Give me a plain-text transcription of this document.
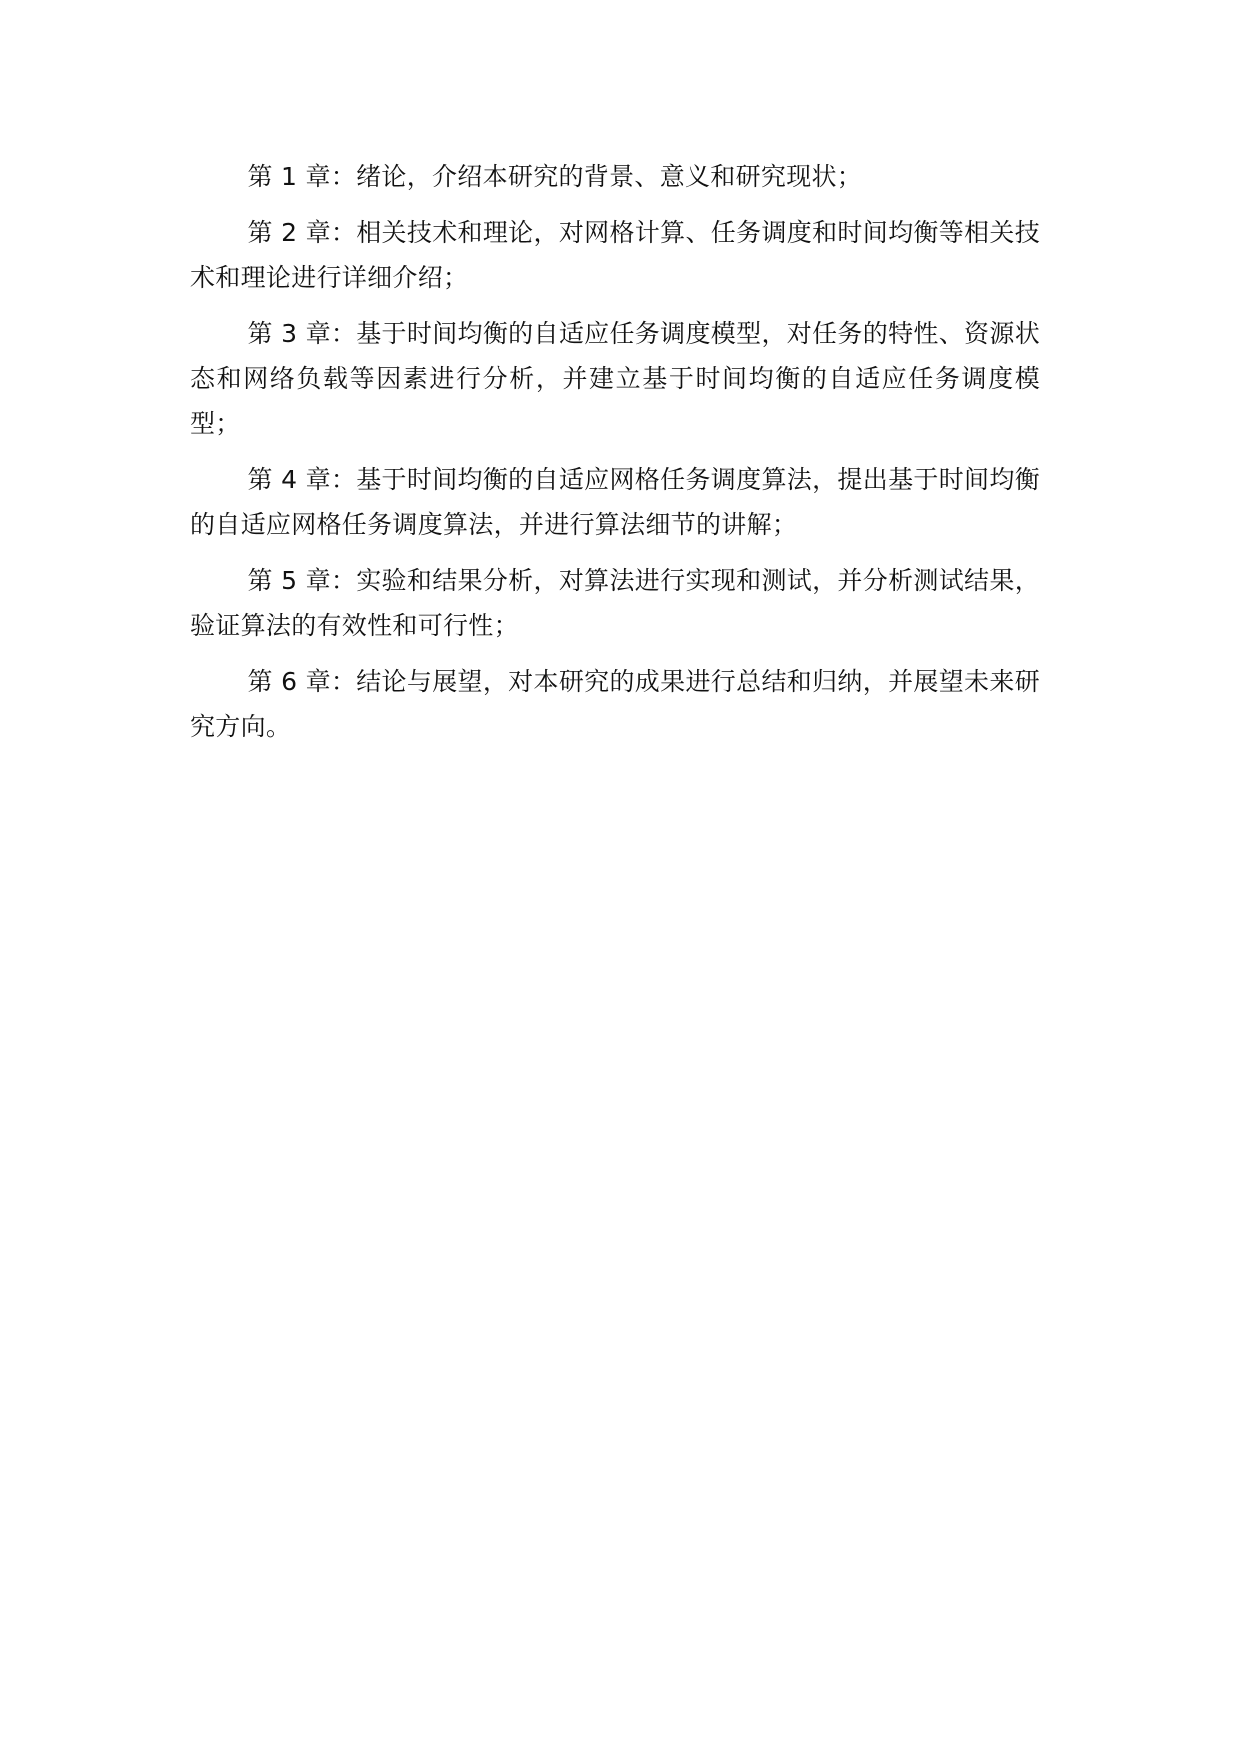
第 1 章：绪论，介绍本研究的背景、意义和研究现状；

第 2 章：相关技术和理论，对网格计算、任务调度和时间均衡等相关技术和理论进行详细介绍；

第 3 章：基于时间均衡的自适应任务调度模型，对任务的特性、资源状态和网络负载等因素进行分析，并建立基于时间均衡的自适应任务调度模型；

第 4 章：基于时间均衡的自适应网格任务调度算法，提出基于时间均衡的自适应网格任务调度算法，并进行算法细节的讲解；

第 5 章：实验和结果分析，对算法进行实现和测试，并分析测试结果，验证算法的有效性和可行性；

第 6 章：结论与展望，对本研究的成果进行总结和归纳，并展望未来研究方向。
